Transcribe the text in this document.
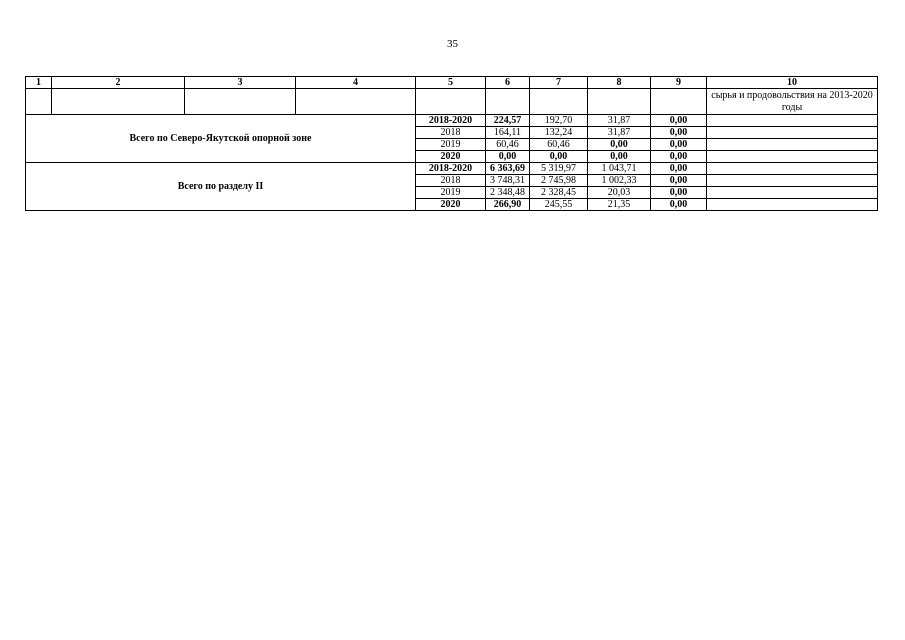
35
1	2	3	4	5	6	7	8	9	10
									сырья и продовольствия на 2013-2020 годы
Всего по Северо-Якутской опорной зоне				2018-2020	224,57	192,70	31,87	0,00	
				2018	164,11	132,24	31,87	0,00	
				2019	60,46	60,46	0,00	0,00	
				2020	0,00	0,00	0,00	0,00	
Всего по разделу II				2018-2020	6 363,69	5 319,97	1 043,71	0,00	
				2018	3 748,31	2 745,98	1 002,33	0,00	
				2019	2 348,48	2 328,45	20,03	0,00	
				2020	266,90	245,55	21,35	0,00	
